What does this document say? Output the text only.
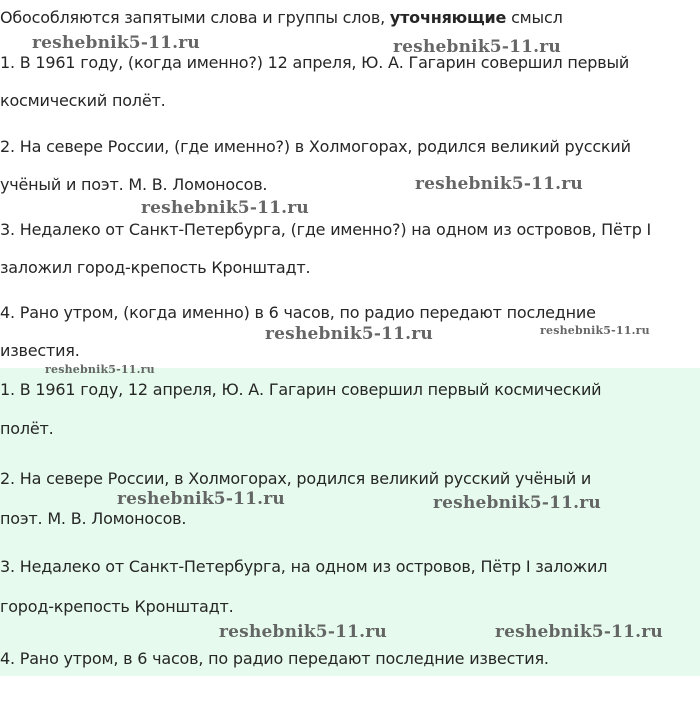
Обособляются запятыми слова и группы слов, уточняющие смысл
1. В 1961 году, (когда именно?) 12 апреля, Ю. А. Гагарин совершил первый
космический полёт.
2. На севере России, (где именно?) в Холмогорах, родился великий русский
учёный и поэт. М. В. Ломоносов.
3. Недалеко от Санкт-Петербурга, (где именно?) на одном из островов, Пётр I
заложил город-крепость Кронштадт.
4. Рано утром, (когда именно) в 6 часов, по радио передают последние
известия.
1. В 1961 году, 12 апреля, Ю. А. Гагарин совершил первый космический
полёт.
2. На севере России, в Холмогорах, родился великий русский учёный и
поэт. М. В. Ломоносов.
3. Недалеко от Санкт-Петербурга, на одном из островов, Пётр I заложил
город-крепость Кронштадт.
4. Рано утром, в 6 часов, по радио передают последние известия.
reshebnik5-11.ru	reshebnik5-11.ru
reshebnik5-11.ru
reshebnik5-11.ru
reshebnik5-11.ru	reshebnik5-11.ru
reshebnik5-11.ru
reshebnik5-11.ru	reshebnik5-11.ru
reshebnik5-11.ru	reshebnik5-11.ru
